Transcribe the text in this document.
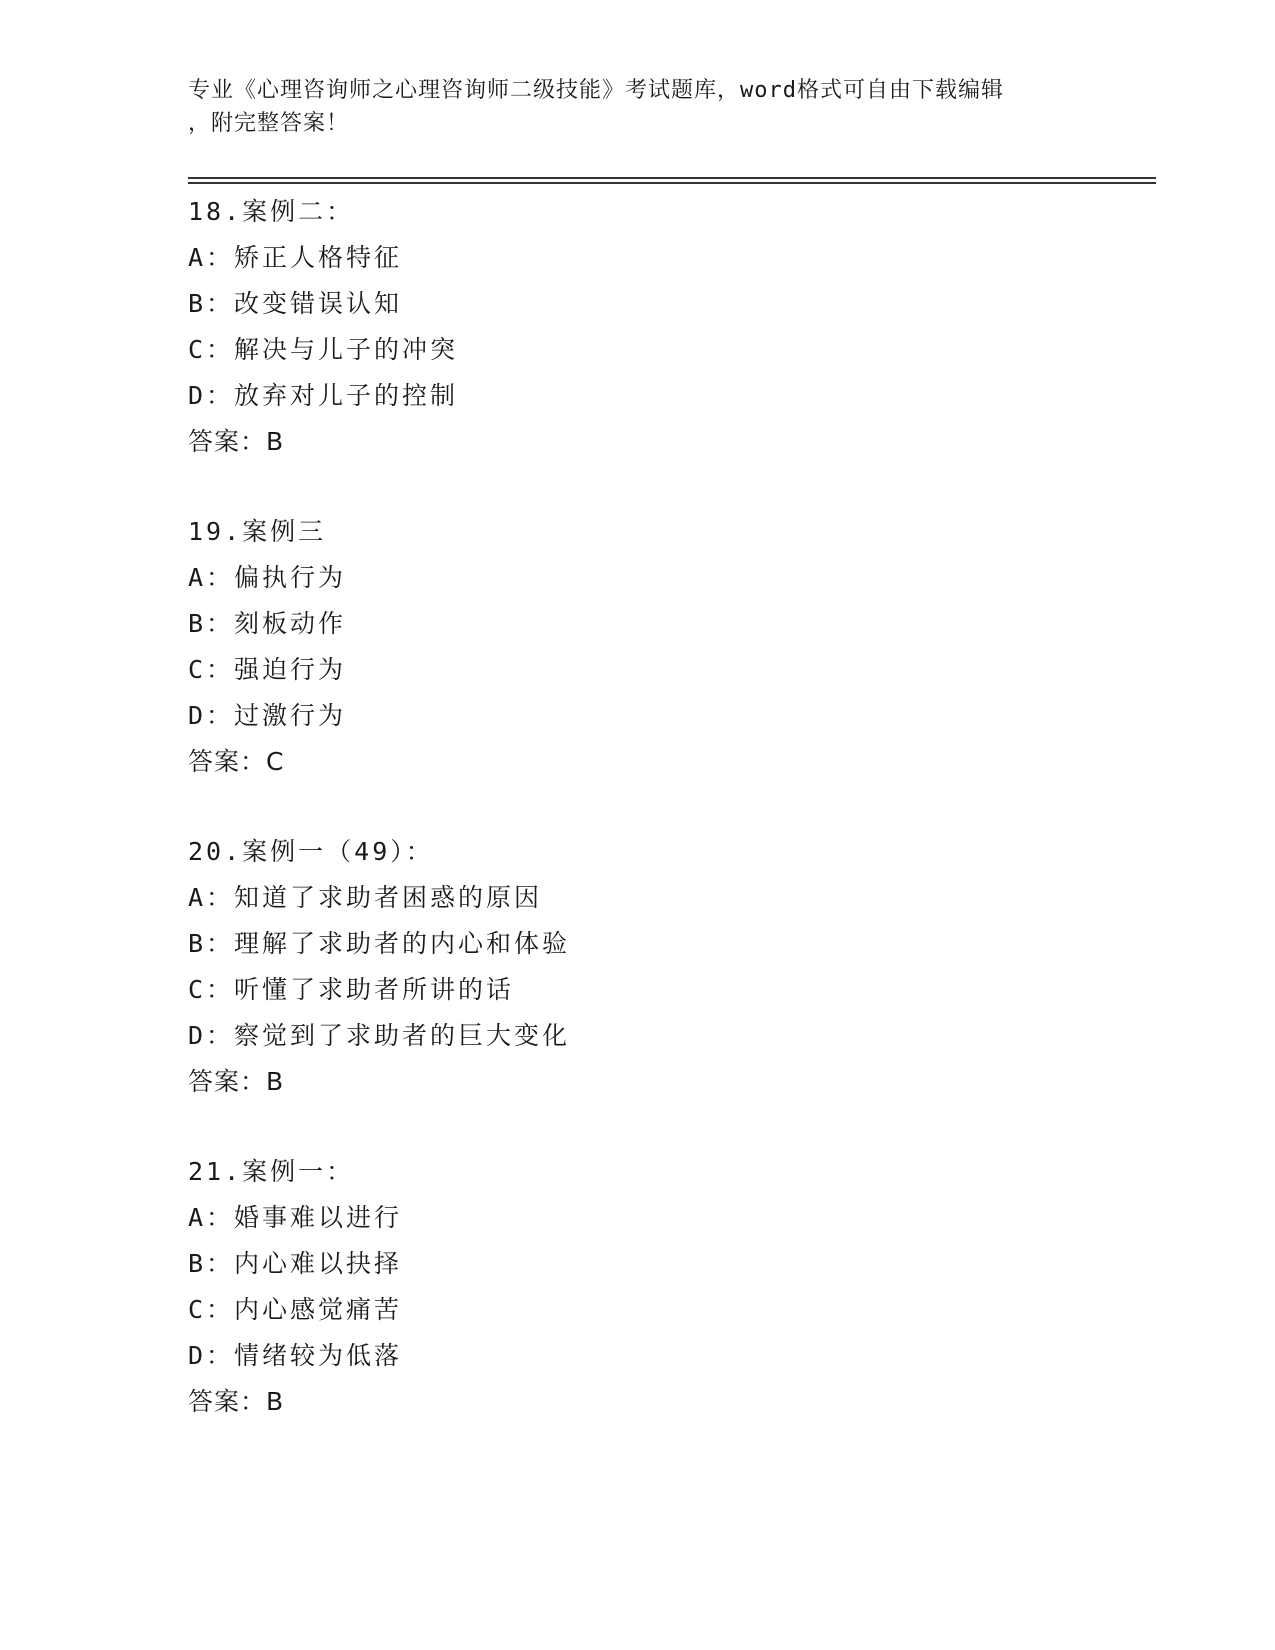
专业《心理咨询师之心理咨询师二级技能》考试题库，word格式可自由下载编辑
，附完整答案！
18.案例二：
A：矫正人格特征
B：改变错误认知
C：解决与儿子的冲突
D：放弃对儿子的控制
答案：B
19.案例三
A：偏执行为
B：刻板动作
C：强迫行为
D：过激行为
答案：C
20.案例一（49）：
A：知道了求助者困惑的原因
B：理解了求助者的内心和体验
C：听懂了求助者所讲的话
D：察觉到了求助者的巨大变化
答案：B
21.案例一：
A：婚事难以进行
B：内心难以抉择
C：内心感觉痛苦
D：情绪较为低落
答案：B
